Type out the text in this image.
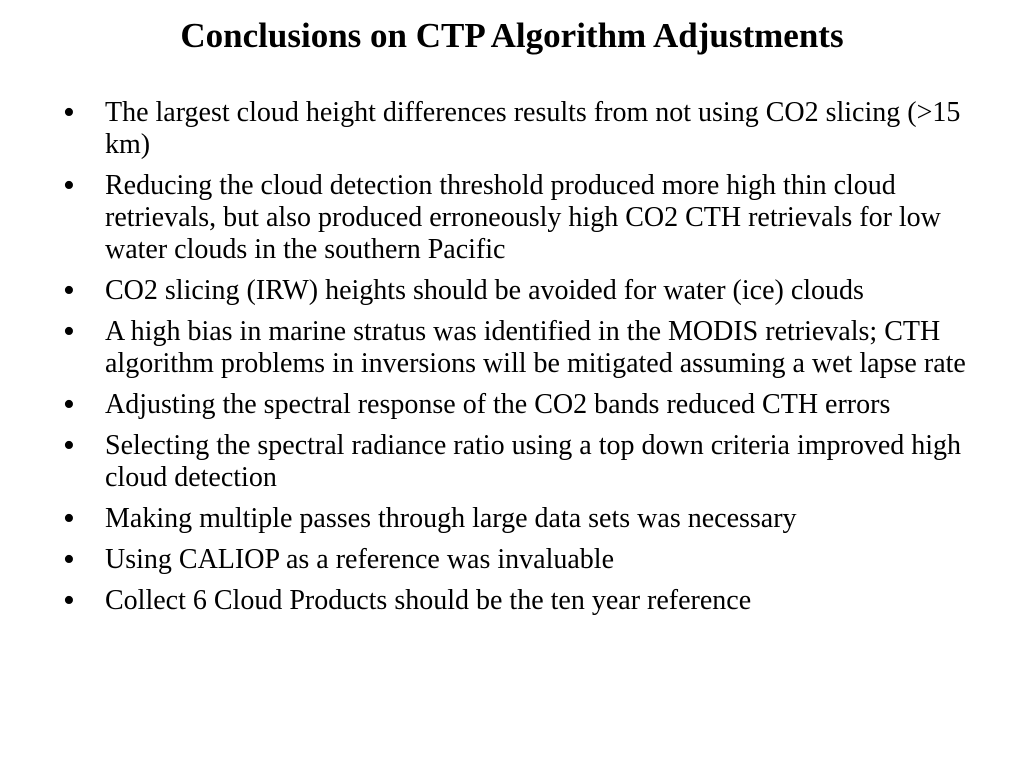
Conclusions on CTP Algorithm Adjustments
•	The largest cloud height differences results from not using CO2 slicing (>15 km)
•	Reducing the cloud detection threshold produced more high thin cloud retrievals, but also produced erroneously high CO2 CTH retrievals for low water clouds in the southern Pacific
•	CO2 slicing (IRW) heights should be avoided for water (ice) clouds
•	A high bias in marine stratus was identified in the MODIS retrievals; CTH algorithm problems in inversions will be mitigated assuming a wet lapse rate
•	Adjusting the spectral response of the CO2 bands reduced CTH errors
•	Selecting the spectral radiance ratio using a top down criteria improved high cloud detection
•	Making multiple passes through large data sets was necessary
•	Using CALIOP as a reference was invaluable
•	Collect 6 Cloud Products should be the ten year reference
